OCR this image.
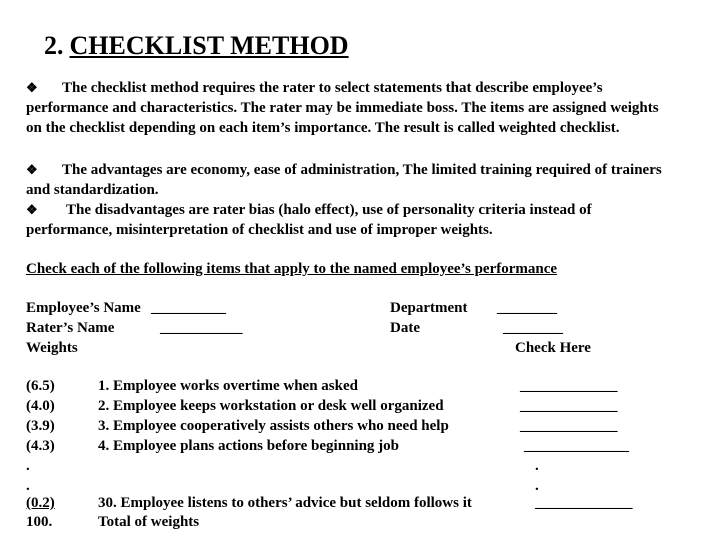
2. CHECKLIST METHOD

❖ The checklist method requires the rater to select statements that describe employee’s performance and characteristics. The rater may be immediate boss. The items are assigned weights on the checklist depending on each item’s importance. The result is called weighted checklist.

❖ The advantages are economy, ease of administration, The limited training required of trainers and standardization.

❖ The disadvantages are rater bias (halo effect), use of personality criteria instead of performance, misinterpretation of checklist and use of improper weights.

Check each of the following items that apply to the named employee’s performance
Employee’s Name __________	Department ________
Rater’s Name	___________	Date	________
Weights	Check Here
(6.5)	1. Employee works overtime when asked	_____________
(4.0)	2. Employee keeps workstation or desk well organized	_____________
(3.9)	3. Employee cooperatively assists others who need help	_____________
(4.3)	4. Employee plans actions before beginning job	______________
.	.
.	.
(0.2)	30. Employee listens to others’ advice but seldom follows it	_____________
100.	Total of weights
